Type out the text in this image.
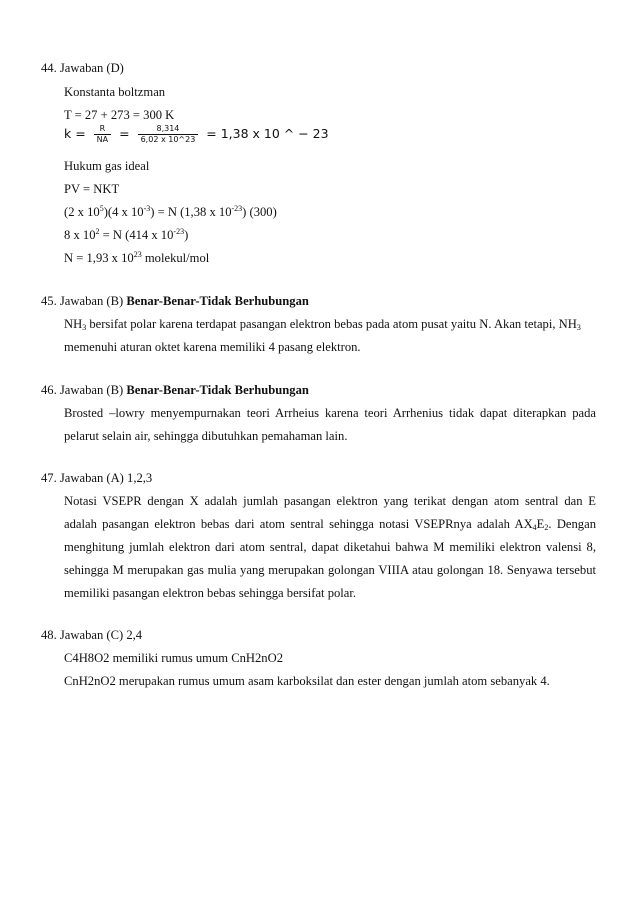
44. Jawaban (D)
Konstanta boltzman
T = 27 + 273 = 300 K
$k = \frac{R}{NA} = \frac{8,314}{6,02 x 10\^{}23} = 1,38$ x 10 ^ − 23
Hukum gas ideal
PV = NKT
(2 x $10^5)(4$ x $10^{-3}) = N$ (1,38 x $10^{-23}$) (300)
8 x $10^2 = N$ (414 x $10^{-23}$)
N = 1,93 x $10^{23}$ molekul/mol
45. Jawaban (B) Benar-Benar-Tidak Berhubungan
$NH_3$ bersifat polar karena terdapat pasangan elektron bebas pada atom pusat yaitu N. Akan tetapi, $NH_3$
memenuhi aturan oktet karena memiliki 4 pasang elektron.
46. Jawaban (B) Benar-Benar-Tidak Berhubungan
Brosted –lowry menyempurnakan teori Arrheius karena teori Arrhenius tidak dapat diterapkan pada
pelarut selain air, sehingga dibutuhkan pemahaman lain.
47. Jawaban (A) 1,2,3
Notasi VSEPR dengan X adalah jumlah pasangan elektron yang terikat dengan atom sentral dan E
adalah pasangan elektron bebas dari atom sentral sehingga notasi VSEPRnya adalah $AX_4E_2$. Dengan
menghitung jumlah elektron dari atom sentral, dapat diketahui bahwa M memiliki elektron valensi 8,
sehingga M merupakan gas mulia yang merupakan golongan VIIIA atau golongan 18. Senyawa tersebut
memiliki pasangan elektron bebas sehingga bersifat polar.
48. Jawaban (C) 2,4
C4H8O2 memiliki rumus umum CnH2nO2
CnH2nO2 merupakan rumus umum asam karboksilat dan ester dengan jumlah atom sebanyak 4.
